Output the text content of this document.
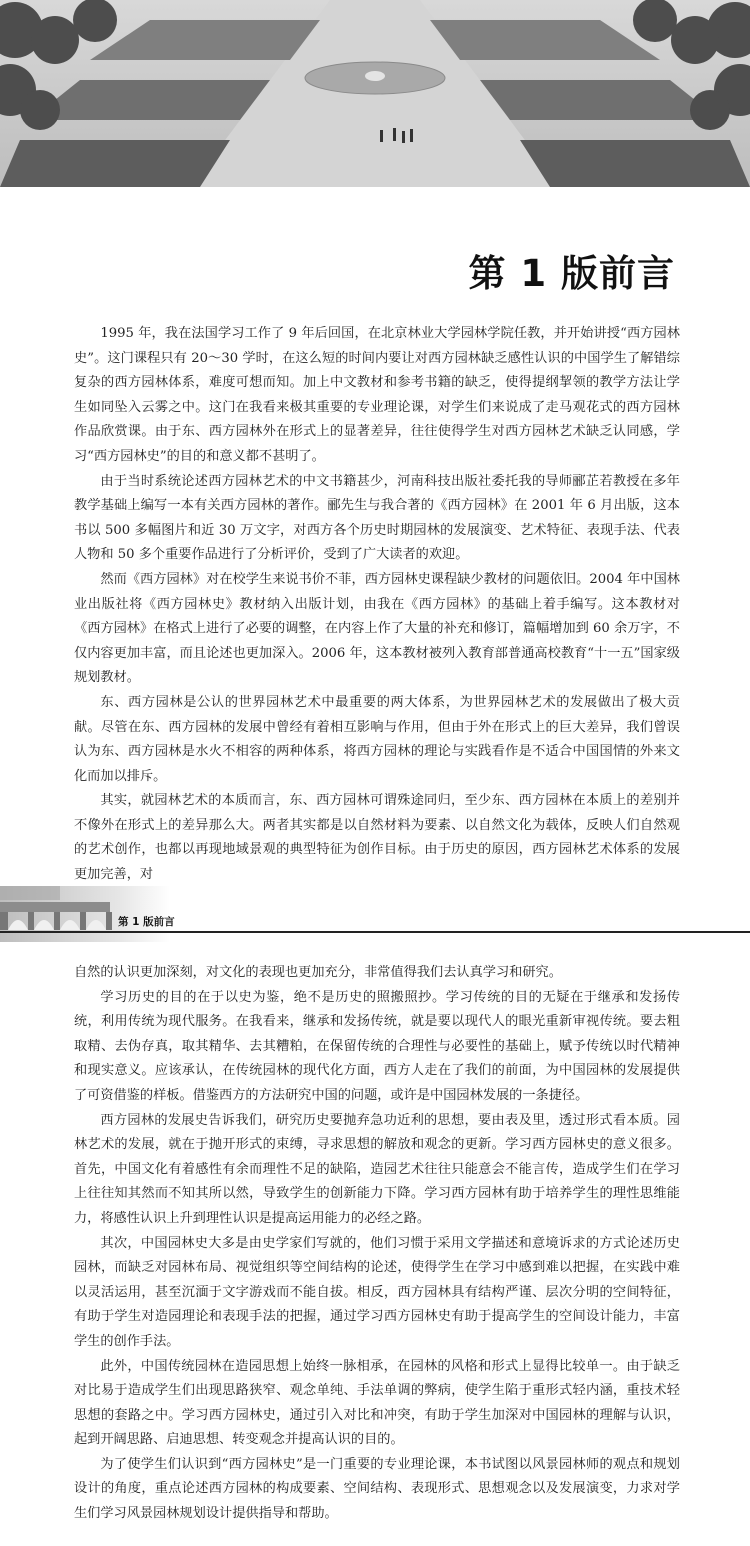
第 1 版前言

1995 年，我在法国学习工作了 9 年后回国，在北京林业大学园林学院任教，并开始讲授“西方园林史”。这门课程只有 20～30 学时，在这么短的时间内要让对西方园林缺乏感性认识的中国学生了解错综复杂的西方园林体系，难度可想而知。加上中文教材和参考书籍的缺乏，使得提纲挈领的教学方法让学生如同坠入云雾之中。这门在我看来极其重要的专业理论课，对学生们来说成了走马观花式的西方园林作品欣赏课。由于东、西方园林外在形式上的显著差异，往往使得学生对西方园林艺术缺乏认同感，学习“西方园林史”的目的和意义都不甚明了。

由于当时系统论述西方园林艺术的中文书籍甚少，河南科技出版社委托我的导师郦芷若教授在多年教学基础上编写一本有关西方园林的著作。郦先生与我合著的《西方园林》在 2001 年 6 月出版，这本书以 500 多幅图片和近 30 万文字，对西方各个历史时期园林的发展演变、艺术特征、表现手法、代表人物和 50 多个重要作品进行了分析评价，受到了广大读者的欢迎。

然而《西方园林》对在校学生来说书价不菲，西方园林史课程缺少教材的问题依旧。2004 年中国林业出版社将《西方园林史》教材纳入出版计划，由我在《西方园林》的基础上着手编写。这本教材对《西方园林》在格式上进行了必要的调整，在内容上作了大量的补充和修订，篇幅增加到 60 余万字，不仅内容更加丰富，而且论述也更加深入。2006 年，这本教材被列入教育部普通高校教育“十一五”国家级规划教材。

东、西方园林是公认的世界园林艺术中最重要的两大体系，为世界园林艺术的发展做出了极大贡献。尽管在东、西方园林的发展中曾经有着相互影响与作用，但由于外在形式上的巨大差异，我们曾误认为东、西方园林是水火不相容的两种体系，将西方园林的理论与实践看作是不适合中国国情的外来文化而加以排斥。

其实，就园林艺术的本质而言，东、西方园林可谓殊途同归，至少东、西方园林在本质上的差别并不像外在形式上的差异那么大。两者其实都是以自然材料为要素、以自然文化为载体，反映人们自然观的艺术创作，也都以再现地域景观的典型特征为创作目标。由于历史的原因，西方园林艺术体系的发展更加完善，对

第 1 版前言

自然的认识更加深刻，对文化的表现也更加充分，非常值得我们去认真学习和研究。

学习历史的目的在于以史为鉴，绝不是历史的照搬照抄。学习传统的目的无疑在于继承和发扬传统，利用传统为现代服务。在我看来，继承和发扬传统，就是要以现代人的眼光重新审视传统。要去粗取精、去伪存真，取其精华、去其糟粕，在保留传统的合理性与必要性的基础上，赋予传统以时代精神和现实意义。应该承认，在传统园林的现代化方面，西方人走在了我们的前面，为中国园林的发展提供了可资借鉴的样板。借鉴西方的方法研究中国的问题，或许是中国园林发展的一条捷径。

西方园林的发展史告诉我们，研究历史要抛弃急功近利的思想，要由表及里，透过形式看本质。园林艺术的发展，就在于抛开形式的束缚，寻求思想的解放和观念的更新。学习西方园林史的意义很多。首先，中国文化有着感性有余而理性不足的缺陷，造园艺术往往只能意会不能言传，造成学生们在学习上往往知其然而不知其所以然，导致学生的创新能力下降。学习西方园林有助于培养学生的理性思维能力，将感性认识上升到理性认识是提高运用能力的必经之路。

其次，中国园林史大多是由史学家们写就的，他们习惯于采用文学描述和意境诉求的方式论述历史园林，而缺乏对园林布局、视觉组织等空间结构的论述，使得学生在学习中感到难以把握，在实践中难以灵活运用，甚至沉湎于文字游戏而不能自拔。相反，西方园林具有结构严谨、层次分明的空间特征，有助于学生对造园理论和表现手法的把握，通过学习西方园林史有助于提高学生的空间设计能力，丰富学生的创作手法。

此外，中国传统园林在造园思想上始终一脉相承，在园林的风格和形式上显得比较单一。由于缺乏对比易于造成学生们出现思路狭窄、观念单纯、手法单调的弊病，使学生陷于重形式轻内涵，重技术轻思想的套路之中。学习西方园林史，通过引入对比和冲突，有助于学生加深对中国园林的理解与认识，起到开阔思路、启迪思想、转变观念并提高认识的目的。

为了使学生们认识到“西方园林史”是一门重要的专业理论课，本书试图以风景园林师的观点和规划设计的角度，重点论述西方园林的构成要素、空间结构、表现形式、思想观念以及发展演变，力求对学生们学习风景园林规划设计提供指导和帮助。
